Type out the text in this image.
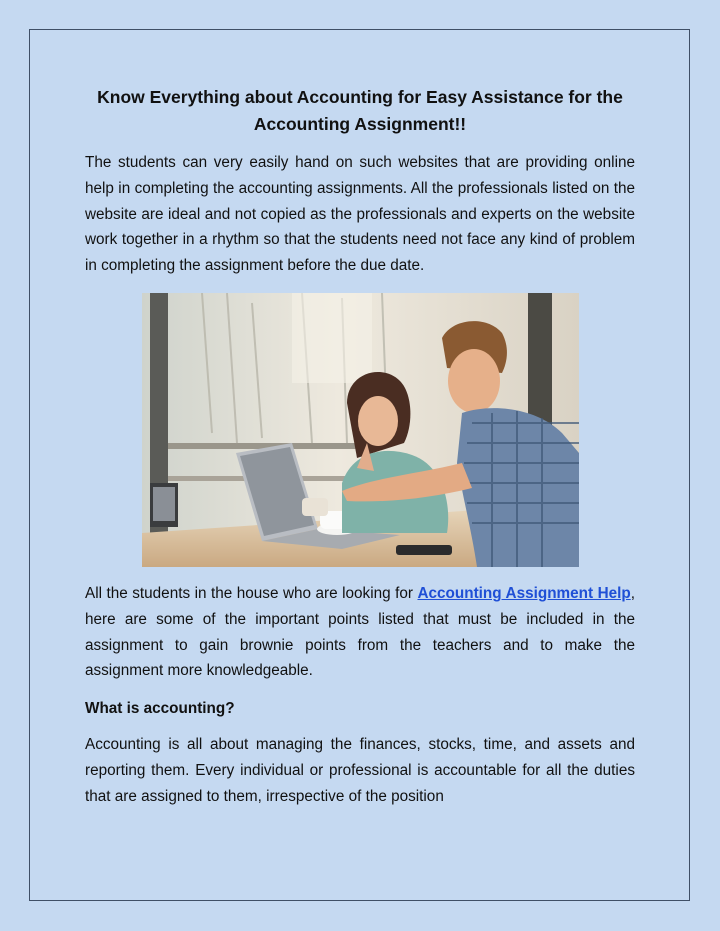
Know Everything about Accounting for Easy Assistance for the Accounting Assignment!!

The students can very easily hand on such websites that are providing online help in completing the accounting assignments. All the professionals listed on the website are ideal and not copied as the professionals and experts on the website work together in a rhythm so that the students need not face any kind of problem in completing the assignment before the due date.

All the students in the house who are looking for Accounting Assignment Help, here are some of the important points listed that must be included in the assignment to gain brownie points from the teachers and to make the assignment more knowledgeable.

What is accounting?

Accounting is all about managing the finances, stocks, time, and assets and reporting them. Every individual or professional is accountable for all the duties that are assigned to them, irrespective of the position
